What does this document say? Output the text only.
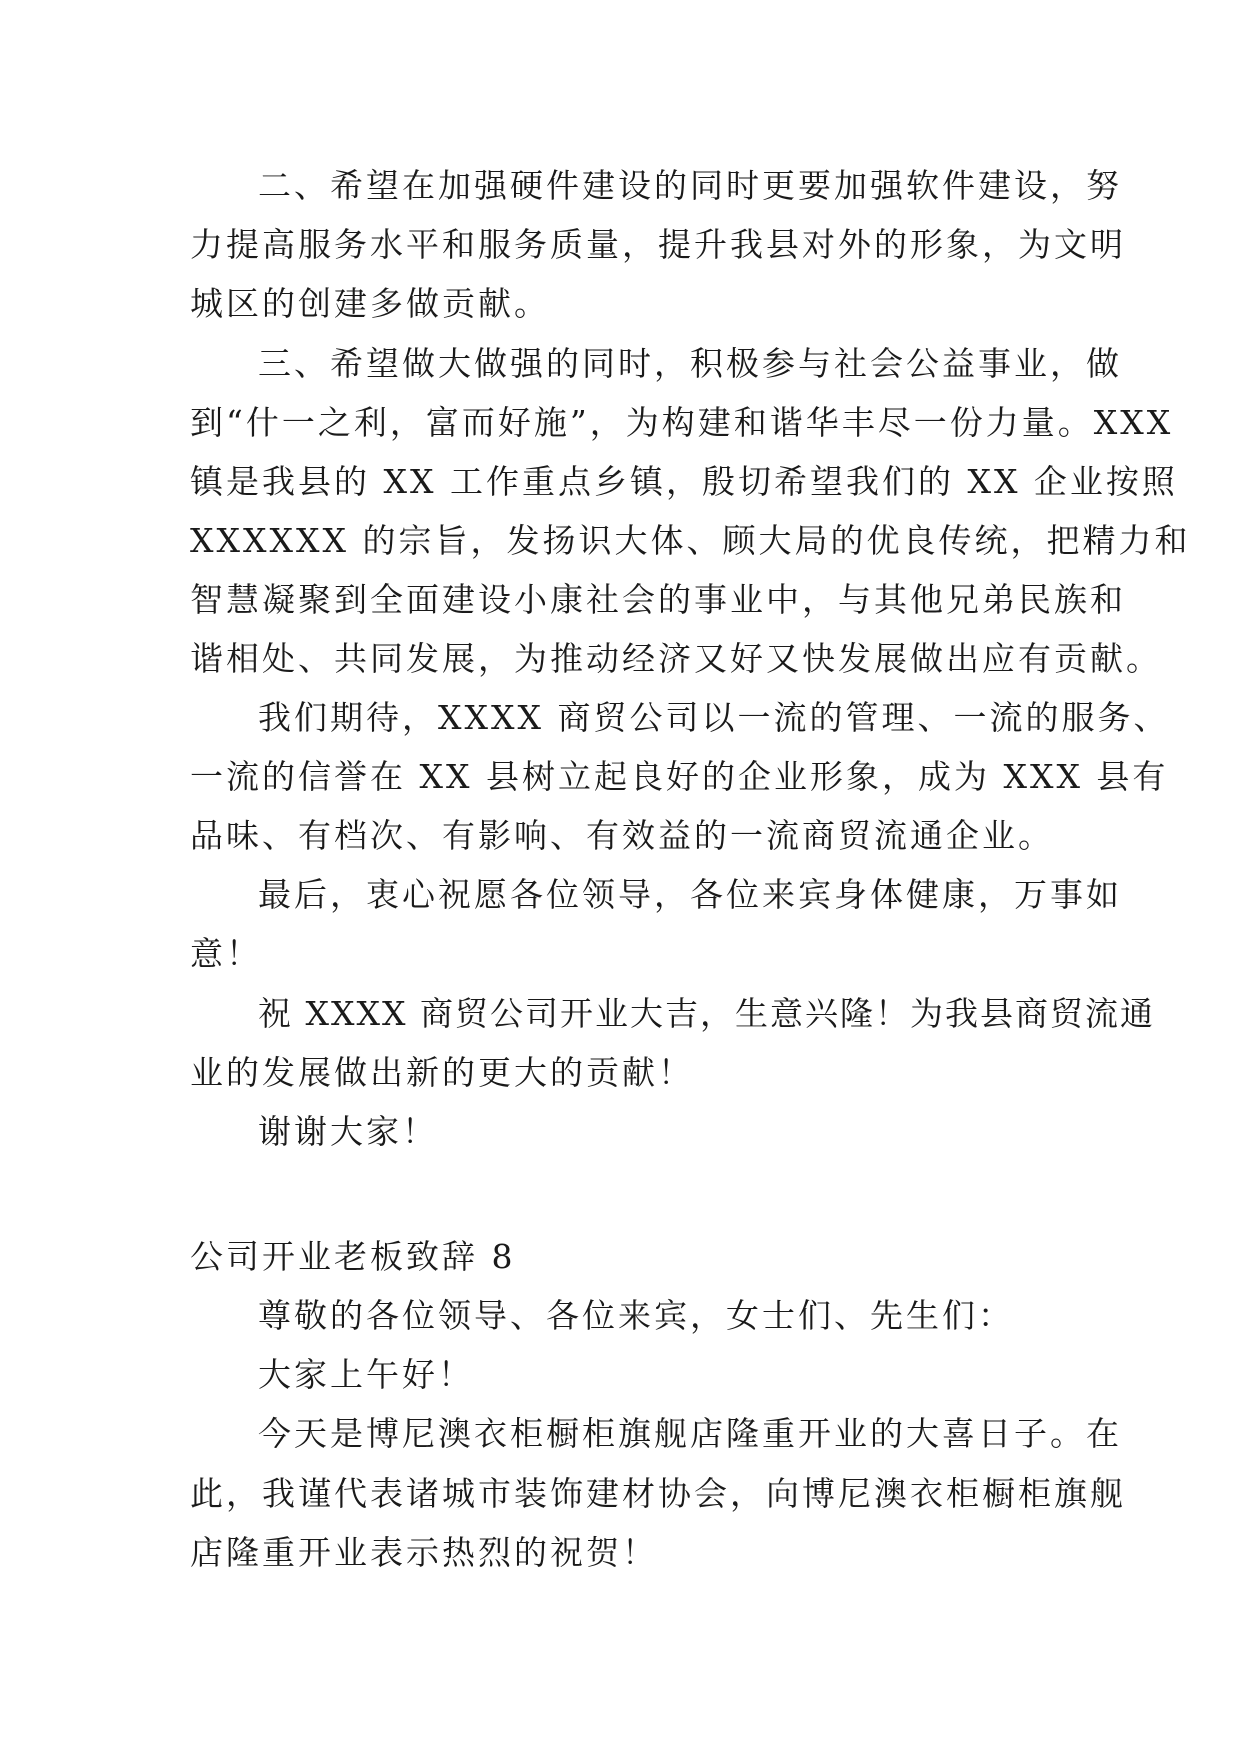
二、希望在加强硬件建设的同时更要加强软件建设，努
力提高服务水平和服务质量，提升我县对外的形象，为文明
城区的创建多做贡献。
三、希望做大做强的同时，积极参与社会公益事业，做
到“什一之利，富而好施”，为构建和谐华丰尽一份力量。XXX
镇是我县的 XX 工作重点乡镇，殷切希望我们的 XX 企业按照
XXXXXX 的宗旨，发扬识大体、顾大局的优良传统，把精力和
智慧凝聚到全面建设小康社会的事业中，与其他兄弟民族和
谐相处、共同发展，为推动经济又好又快发展做出应有贡献。
我们期待，XXXX 商贸公司以一流的管理、一流的服务、
一流的信誉在 XX 县树立起良好的企业形象，成为 XXX 县有
品味、有档次、有影响、有效益的一流商贸流通企业。
最后，衷心祝愿各位领导，各位来宾身体健康，万事如
意！
祝 XXXX 商贸公司开业大吉，生意兴隆！为我县商贸流通
业的发展做出新的更大的贡献！
谢谢大家！
公司开业老板致辞 8
尊敬的各位领导、各位来宾，女士们、先生们：
大家上午好！
今天是博尼澳衣柜橱柜旗舰店隆重开业的大喜日子。在
此，我谨代表诸城市装饰建材协会，向博尼澳衣柜橱柜旗舰
店隆重开业表示热烈的祝贺！
